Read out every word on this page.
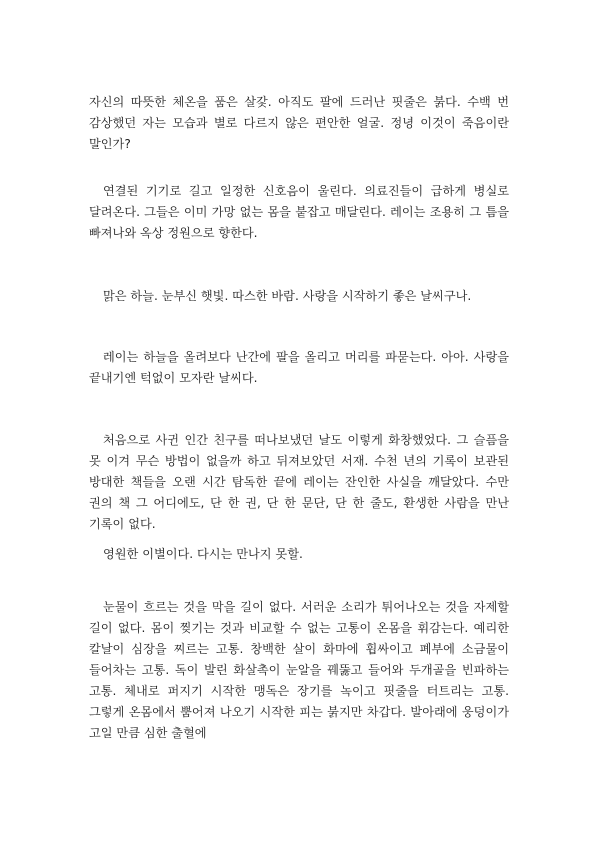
자신의 따뜻한 체온을 품은 살갗. 아직도 팔에 드러난 핏줄은 붉다. 수백 번 감상했던 자는 모습과 별로 다르지 않은 편안한 얼굴. 정녕 이것이 죽음이란 말인가?

연결된 기기로 길고 일정한 신호음이 울린다. 의료진들이 급하게 병실로 달려온다. 그들은 이미 가망 없는 몸을 붙잡고 매달린다. 레이는 조용히 그 틈을 빠져나와 옥상 정원으로 향한다.

맑은 하늘. 눈부신 햇빛. 따스한 바람. 사랑을 시작하기 좋은 날씨구나.

레이는 하늘을 올려보다 난간에 팔을 올리고 머리를 파묻는다. 아아. 사랑을 끝내기엔 턱없이 모자란 날씨다.

처음으로 사귄 인간 친구를 떠나보냈던 날도 이렇게 화창했었다. 그 슬픔을 못 이겨 무슨 방법이 없을까 하고 뒤져보았던 서재. 수천 년의 기록이 보관된 방대한 책들을 오랜 시간 탐독한 끝에 레이는 잔인한 사실을 깨달았다. 수만 권의 책 그 어디에도, 단 한 권, 단 한 문단, 단 한 줄도, 환생한 사람을 만난 기록이 없다.

영원한 이별이다. 다시는 만나지 못할.

눈물이 흐르는 것을 막을 길이 없다. 서러운 소리가 튀어나오는 것을 자제할 길이 없다. 몸이 찢기는 것과 비교할 수 없는 고통이 온몸을 휘감는다. 예리한 칼날이 심장을 찌르는 고통. 창백한 살이 화마에 휩싸이고 폐부에 소금물이 들어차는 고통. 독이 발린 화살촉이 눈알을 꿰뚫고 들어와 두개골을 빈파하는 고통. 체내로 퍼지기 시작한 맹독은 장기를 녹이고 핏줄을 터트리는 고통. 그렇게 온몸에서 뿜어져 나오기 시작한 피는 붉지만 차갑다. 발아래에 웅덩이가 고일 만큼 심한 출혈에
